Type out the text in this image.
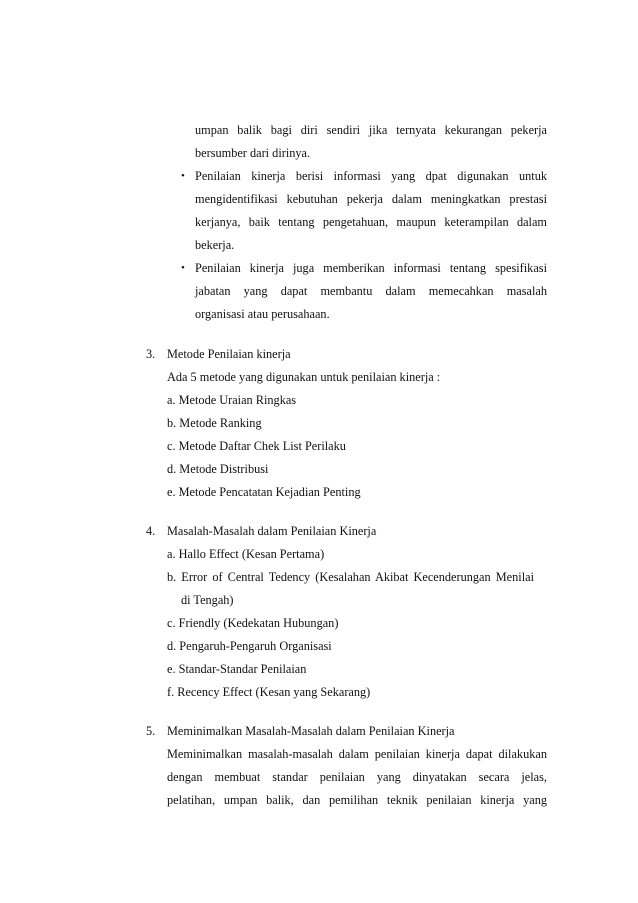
umpan balik bagi diri sendiri jika ternyata kekurangan pekerja
bersumber dari dirinya.
• Penilaian kinerja berisi informasi yang dpat digunakan untuk
mengidentifikasi kebutuhan pekerja dalam meningkatkan prestasi
kerjanya, baik tentang pengetahuan, maupun keterampilan dalam
bekerja.
• Penilaian kinerja juga memberikan informasi tentang spesifikasi
jabatan yang dapat membantu dalam memecahkan masalah
organisasi atau perusahaan.
3. Metode Penilaian kinerja
Ada 5 metode yang digunakan untuk penilaian kinerja :
a. Metode Uraian Ringkas
b. Metode Ranking
c. Metode Daftar Chek List Perilaku
d. Metode Distribusi
e. Metode Pencatatan Kejadian Penting
4. Masalah-Masalah dalam Penilaian Kinerja
a. Hallo Effect (Kesan Pertama)
b. Error of Central Tedency (Kesalahan Akibat Kecenderungan Menilai
di Tengah)
c. Friendly (Kedekatan Hubungan)
d. Pengaruh-Pengaruh Organisasi
e. Standar-Standar Penilaian
f. Recency Effect (Kesan yang Sekarang)
5. Meminimalkan Masalah-Masalah dalam Penilaian Kinerja
Meminimalkan masalah-masalah dalam penilaian kinerja dapat dilakukan
dengan membuat standar penilaian yang dinyatakan secara jelas,
pelatihan, umpan balik, dan pemilihan teknik penilaian kinerja yang
